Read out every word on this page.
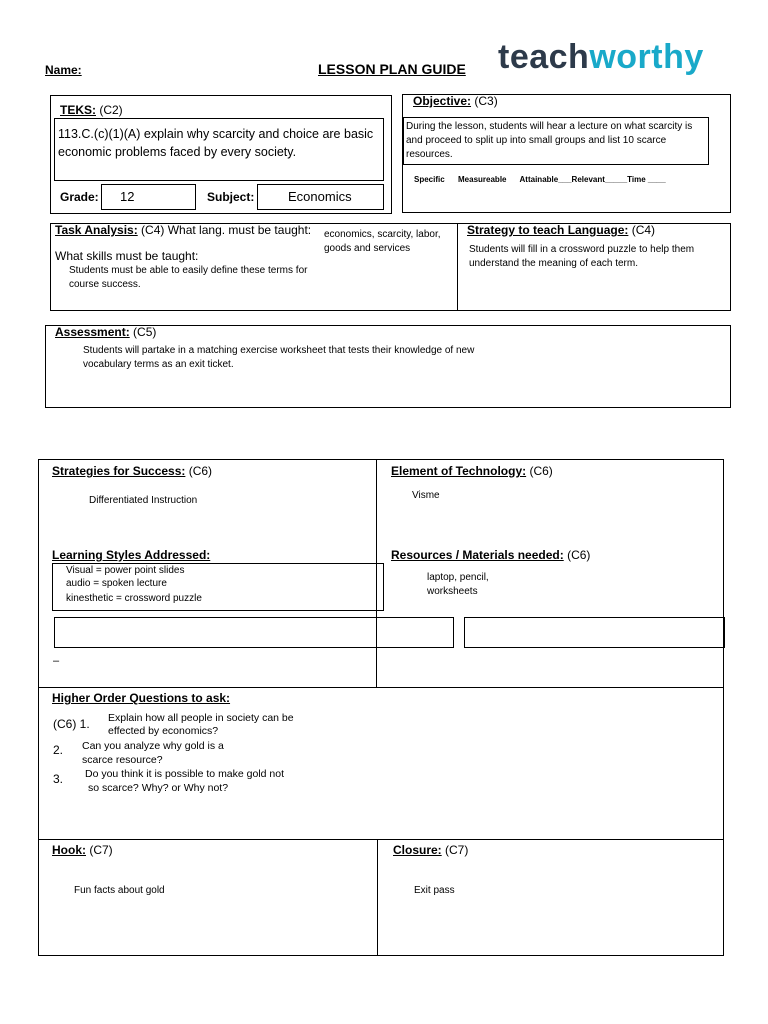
Name:	LESSON PLAN GUIDE teachworthy
TEKS: (C2)
113.C.(c)(1)(A) explain why scarcity and choice are basic economic problems faced by every society.
Grade: 12	Subject:	Economics
Objective: (C3)
During the lesson, students will hear a lecture on what scarcity is and proceed to split up into small groups and list 10 scarce resources.
Specific      Measureable      Attainable___Relevant_____Time ____
Task Analysis: (C4) What lang. must be taught: economics, scarcity, labor, goods and services
What skills must be taught:
Students must be able to easily define these terms for course success.
Strategy to teach Language: (C4)
Students will fill in a crossword puzzle to help them understand the meaning of each term.
Assessment: (C5)
Students will partake in a matching exercise worksheet that tests their knowledge of new vocabulary terms as an exit ticket.
Strategies for Success: (C6)
Differentiated Instruction
Element of Technology: (C6)
Visme
Learning Styles Addressed:
Visual = power point slides
audio = spoken lecture
kinesthetic = crossword puzzle
–
Resources / Materials needed: (C6)
laptop, pencil,
worksheets
Higher Order Questions to ask:
(C6) 1.
2.
3.
Explain how all people in society can be
effected by economics?
Can you analyze why gold is a
scarce resource?
Do you think it is possible to make gold not
so scarce? Why? or Why not?
Hook: (C7)
Fun facts about gold
Closure: (C7)
Exit pass
